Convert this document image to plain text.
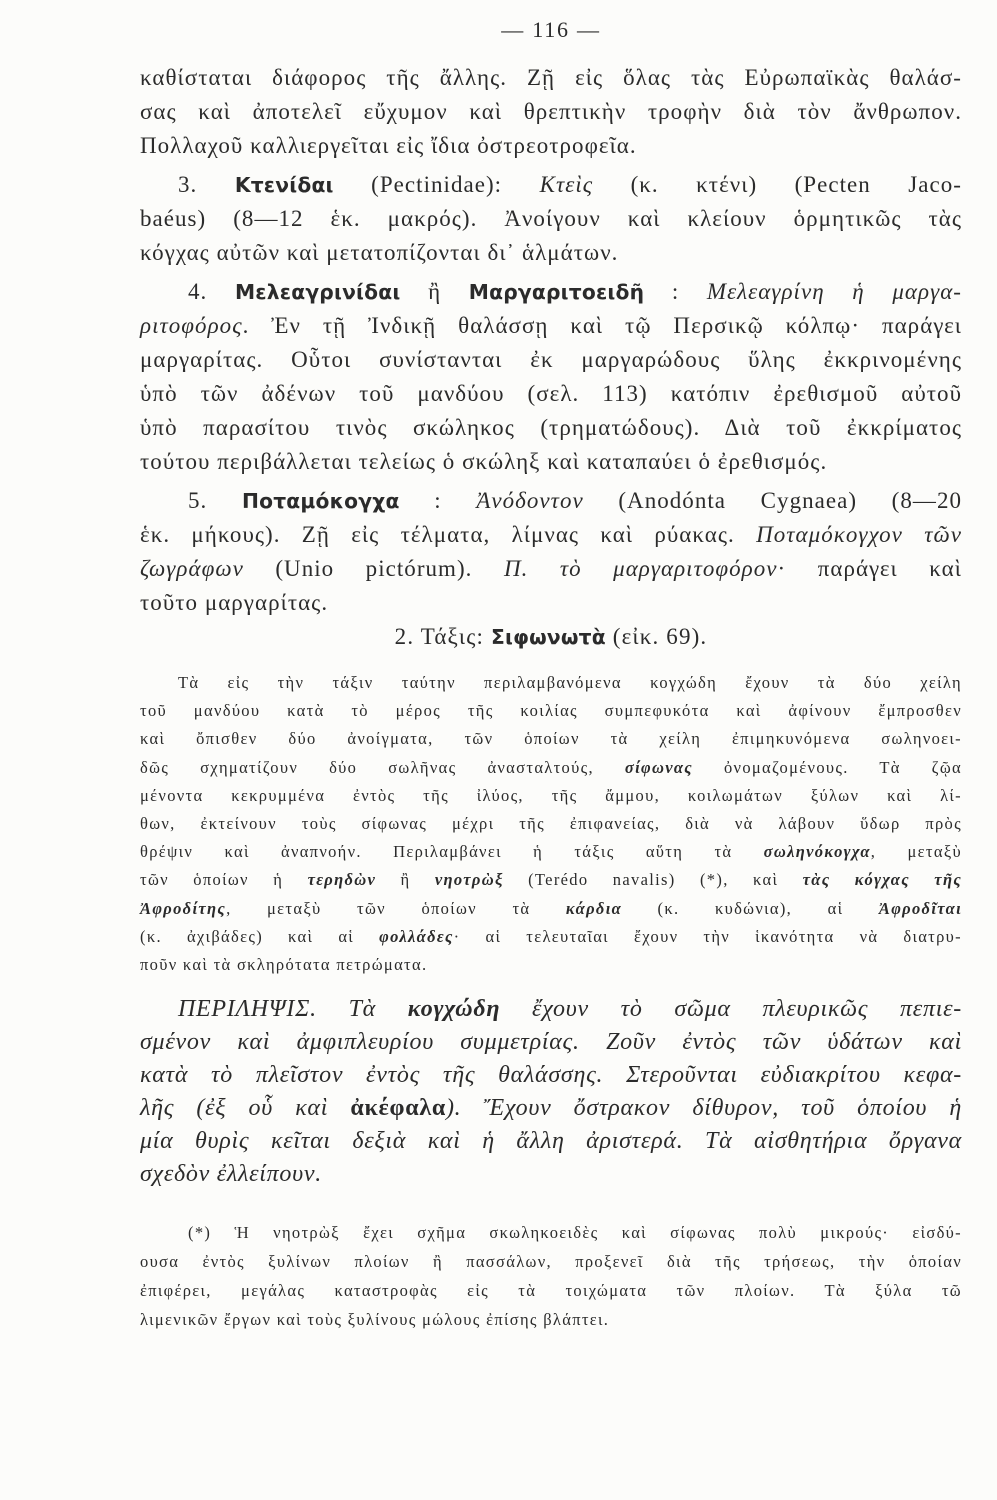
— 116 —
καθίσταται διάφορος τῆς ἄλλης. Ζῇ εἰς ὅλας τὰς Εὐρωπαϊκὰς θαλάσ-
σας καὶ ἀποτελεῖ εὔχυμον καὶ θρεπτικὴν τροφὴν διὰ τὸν ἄνθρωπον.
Πολλαχοῦ καλλιεργεῖται εἰς ἴδια ὀστρεοτροφεῖα.
3. Κτενίδαι (Pectinidae): Κτεὶς (κ. κτένι) (Pecten Jaco-
baéus) (8—12 ἑκ. μακρός). Ἀνοίγουν καὶ κλείουν ὁρμητικῶς τὰς
κόγχας αὐτῶν καὶ μετατοπίζονται δι᾽ ἁλμάτων.
4. Μελεαγρινίδαι ἢ Μαργαριτοειδῆ : Μελεαγρίνη ἡ μαργα-
ριτοφόρος. Ἐν τῇ Ἰνδικῇ θαλάσσῃ καὶ τῷ Περσικῷ κόλπῳ· παράγει
μαργαρίτας. Οὗτοι συνίστανται ἐκ μαργαρώδους ὕλης ἐκκρινομένης
ὑπὸ τῶν ἀδένων τοῦ μανδύου (σελ. 113) κατόπιν ἐρεθισμοῦ αὐτοῦ
ὑπὸ παρασίτου τινὸς σκώληκος (τρηματώδους). Διὰ τοῦ ἐκκρίματος
τούτου περιβάλλεται τελείως ὁ σκώληξ καὶ καταπαύει ὁ ἐρεθισμός.
5. Ποταμόκογχα : Ἀνόδοντον (Anodónta Cygnaea) (8—20
ἑκ. μήκους). Ζῇ εἰς τέλματα, λίμνας καὶ ρύακας. Ποταμόκογχον τῶν
ζωγράφων (Unio pictórum). Π. τὸ μαργαριτοφόρον· παράγει καὶ
τοῦτο μαργαρίτας.
2. Τάξις: Σιφωνωτὰ (εἰκ. 69).
Τὰ εἰς τὴν τάξιν ταύτην περιλαμβανόμενα κογχώδη ἔχουν τὰ δύο χείλη
τοῦ μανδύου κατὰ τὸ μέρος τῆς κοιλίας συμπεφυκότα καὶ ἀφίνουν ἔμπροσθεν
καὶ ὄπισθεν δύο ἀνοίγματα, τῶν ὁποίων τὰ χείλη ἐπιμηκυνόμενα σωληνοει-
δῶς σχηματίζουν δύο σωλῆνας ἀνασταλτούς, σίφωνας ὀνομαζομένους. Τὰ ζῷα
μένοντα κεκρυμμένα ἐντὸς τῆς ἰλύος, τῆς ἄμμου, κοιλωμάτων ξύλων καὶ λί-
θων, ἐκτείνουν τοὺς σίφωνας μέχρι τῆς ἐπιφανείας, διὰ νὰ λάβουν ὕδωρ πρὸς
θρέψιν καὶ ἀναπνοήν. Περιλαμβάνει ἡ τάξις αὕτη τὰ σωληνόκογχα, μεταξὺ
τῶν ὁποίων ἡ τερηδὼν ἢ νηοτρὼξ (Terédo navalis) (*), καὶ τὰς κόγχας τῆς
Ἀφροδίτης, μεταξὺ τῶν ὁποίων τὰ κάρδια (κ. κυδώνια), αἱ Ἀφροδῖται
(κ. ἀχιβάδες) καὶ αἱ φολλάδες· αἱ τελευταῖαι ἔχουν τὴν ἱκανότητα νὰ διατρυ-
ποῦν καὶ τὰ σκληρότατα πετρώματα.
ΠΕΡΙΛΗΨΙΣ. Τὰ κογχώδη ἔχουν τὸ σῶμα πλευρικῶς πεπιε-
σμένον καὶ ἀμφιπλευρίου συμμετρίας. Ζοῦν ἐντὸς τῶν ὑδάτων καὶ
κατὰ τὸ πλεῖστον ἐντὸς τῆς θαλάσσης. Στεροῦνται εὐδιακρίτου κεφα-
λῆς (ἐξ οὗ καὶ ἀκέφαλα). Ἔχουν ὄστρακον δίθυρον, τοῦ ὁποίου ἡ
μία θυρὶς κεῖται δεξιὰ καὶ ἡ ἄλλη ἀριστερά. Τὰ αἰσθητήρια ὄργανα
σχεδὸν ἐλλείπουν.
(*) Ἡ νηοτρὼξ ἔχει σχῆμα σκωληκοειδὲς καὶ σίφωνας πολὺ μικρούς· εἰσδύ-
ουσα ἐντὸς ξυλίνων πλοίων ἢ πασσάλων, προξενεῖ διὰ τῆς τρήσεως, τὴν ὁποίαν
ἐπιφέρει, μεγάλας καταστροφὰς εἰς τὰ τοιχώματα τῶν πλοίων. Τὰ ξύλα τῶ
λιμενικῶν ἔργων καὶ τοὺς ξυλίνους μώλους ἐπίσης βλάπτει.
